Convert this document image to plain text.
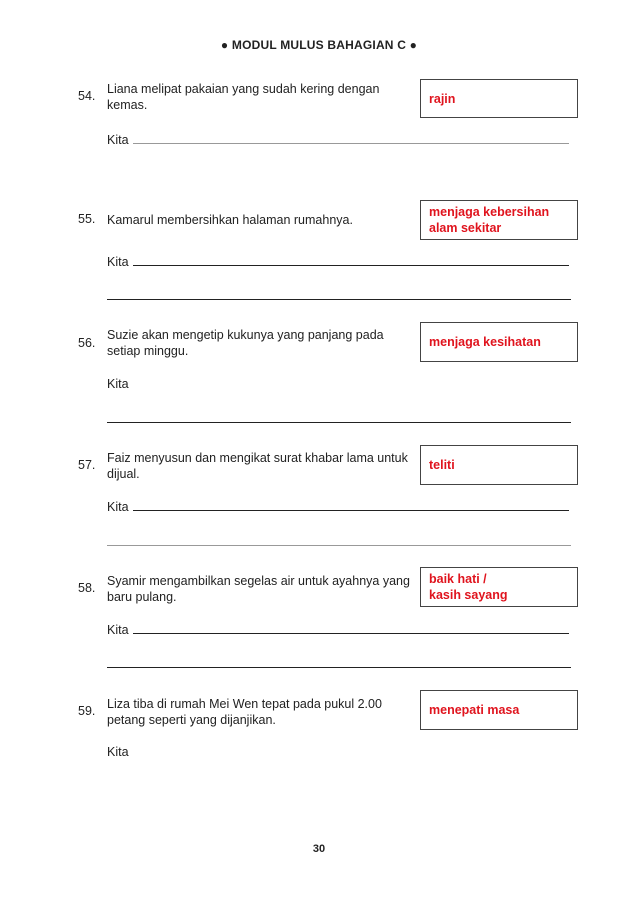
● MODUL MULUS BAHAGIAN C ●
54. Liana melipat pakaian yang sudah kering dengan kemas.	rajin
Kita
55. Kamarul membersihkan halaman rumahnya.
menjaga kebersihan alam sekitar
Kita
56.
Suzie akan mengetip kukunya yang panjang pada setiap minggu.
menjaga kesihatan
Kita
57. Faiz menyusun dan mengikat surat khabar lama untuk dijual.
teliti
Kita
58. Syamir mengambilkan segelas air untuk ayahnya yang baru pulang.
baik hati / kasih sayang
Kita
59. Liza tiba di rumah Mei Wen tepat pada pukul 2.00 petang seperti yang dijanjikan.
menepati masa
Kita
30
